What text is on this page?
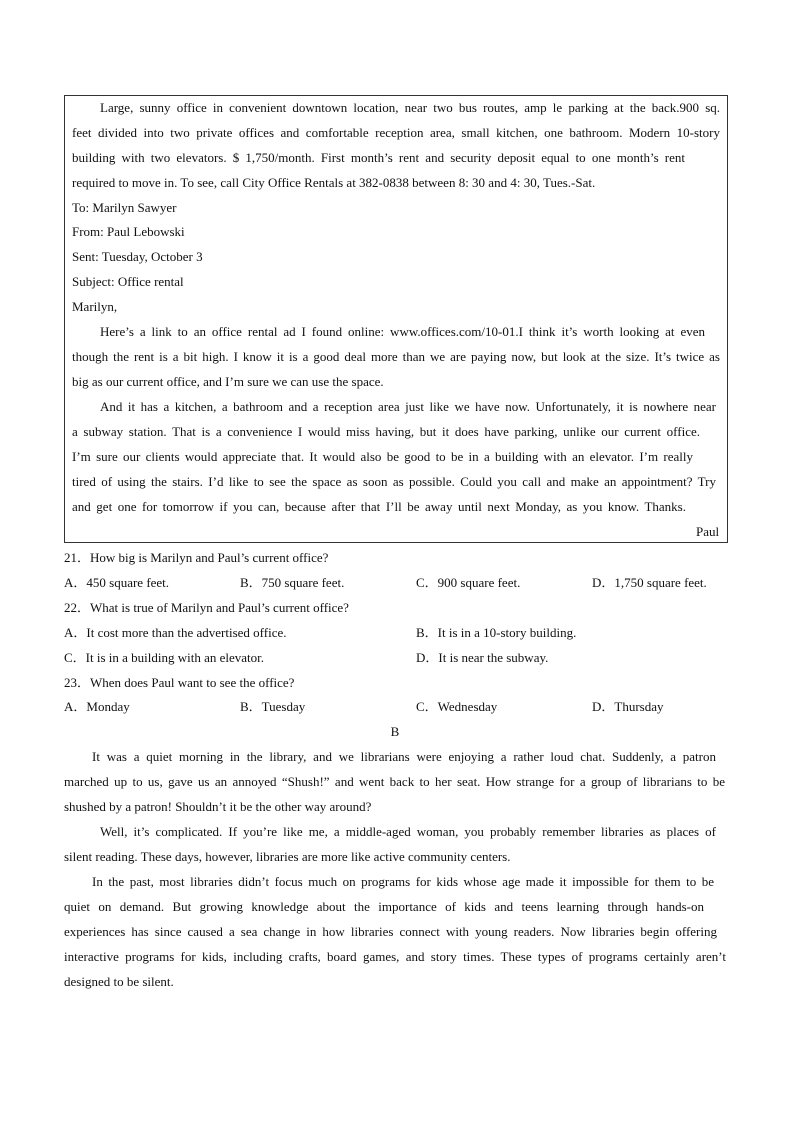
Large, sunny office in convenient downtown location, near two bus routes, amp le parking at the back.900 sq.
feet divided into two private offices and comfortable reception area, small kitchen, one bathroom. Modern 10-story
building with two elevators. $ 1,750/month. First month’s rent and security deposit equal to one month’s rent
required to move in. To see, call City Office Rentals at 382-0838 between 8: 30 and 4: 30, Tues.-Sat.
To: Marilyn Sawyer
From: Paul Lebowski
Sent: Tuesday, October 3
Subject: Office rental
Marilyn,
Here’s a link to an office rental ad I found online: www.offices.com/10-01.I think it’s worth looking at even
though the rent is a bit high. I know it is a good deal more than we are paying now, but look at the size. It’s twice as
big as our current office, and I’m sure we can use the space.
And it has a kitchen, a bathroom and a reception area just like we have now. Unfortunately, it is nowhere near
a subway station. That is a convenience I would miss having, but it does have parking, unlike our current office.
I’m sure our clients would appreciate that. It would also be good to be in a building with an elevator. I’m really
tired of using the stairs. I’d like to see the space as soon as possible. Could you call and make an appointment? Try
and get one for tomorrow if you can, because after that I’ll be away until next Monday, as you know. Thanks.
Paul
21．How big is Marilyn and Paul’s current office?
A．450 square feet.	B．750 square feet.	C．900 square feet.	D．1,750 square feet.
22．What is true of Marilyn and Paul’s current office?
A．It cost more than the advertised office.	B．It is in a 10-story building.
C．It is in a building with an elevator.	D．It is near the subway.
23．When does Paul want to see the office?
A．Monday	B．Tuesday	C．Wednesday	D．Thursday
B
It was a quiet morning in the library, and we librarians were enjoying a rather loud chat. Suddenly, a patron
marched up to us, gave us an annoyed “Shush!” and went back to her seat. How strange for a group of librarians to be
shushed by a patron! Shouldn’t it be the other way around?
Well, it’s complicated. If you’re like me, a middle-aged woman, you probably remember libraries as places of
silent reading. These days, however, libraries are more like active community centers.
In the past, most libraries didn’t focus much on programs for kids whose age made it impossible for them to be
quiet on demand. But growing knowledge about the importance of kids and teens learning through hands-on
experiences has since caused a sea change in how libraries connect with young readers. Now libraries begin offering
interactive programs for kids, including crafts, board games, and story times. These types of programs certainly aren’t
designed to be silent.
